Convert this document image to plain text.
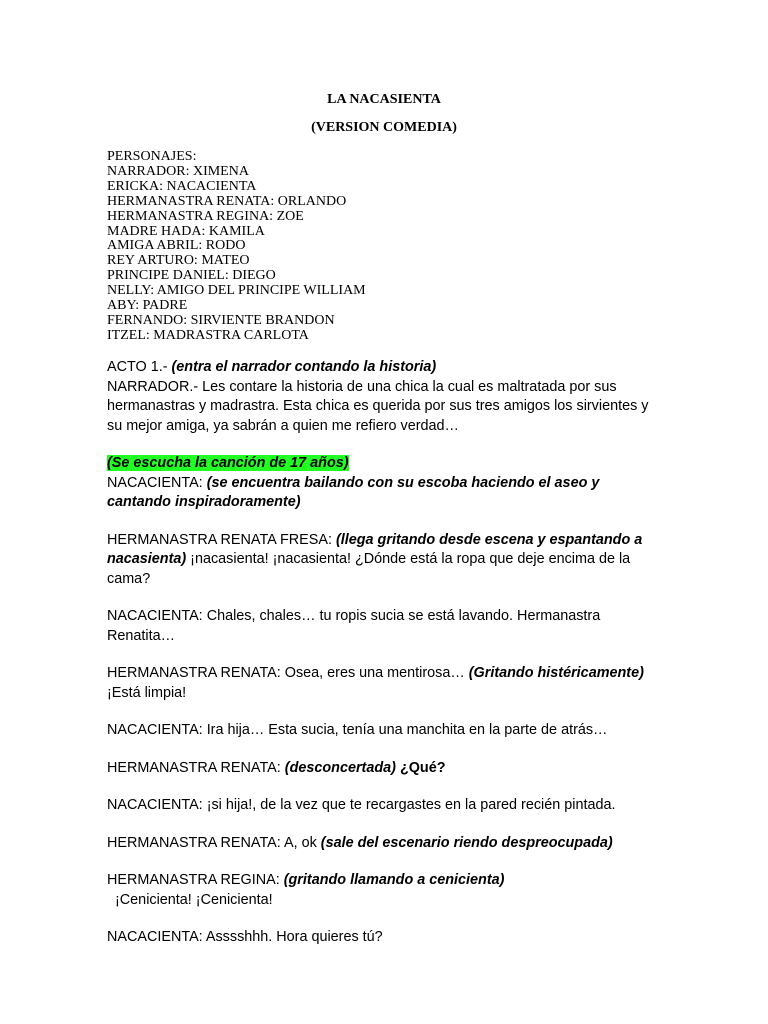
LA NACASIENTA
(VERSION COMEDIA)
PERSONAJES:
NARRADOR: XIMENA
ERICKA: NACACIENTA
HERMANASTRA RENATA: ORLANDO
HERMANASTRA REGINA: ZOE
MADRE HADA: KAMILA
AMIGA ABRIL: RODO
REY ARTURO: MATEO
PRINCIPE DANIEL: DIEGO
NELLY: AMIGO DEL PRINCIPE WILLIAM
ABY: PADRE
FERNANDO: SIRVIENTE BRANDON
ITZEL: MADRASTRA CARLOTA
ACTO 1.- (entra el narrador contando la historia)
NARRADOR.- Les contare la historia de una chica la cual es maltratada por sus hermanastras y madrastra. Esta chica es querida por sus tres amigos los sirvientes y su mejor amiga, ya sabrán a quien me refiero verdad…
(Se escucha la canción de 17 años)
NACACIENTA: (se encuentra bailando con su escoba haciendo el aseo y cantando inspiradoramente)
HERMANASTRA RENATA FRESA: (llega gritando desde escena y espantando a nacasienta) ¡nacasienta! ¡nacasienta! ¿Dónde está la ropa que deje encima de la cama?
NACACIENTA: Chales, chales… tu ropis sucia se está lavando. Hermanastra Renatita…
HERMANASTRA RENATA: Osea, eres una mentirosa… (Gritando histéricamente) ¡Está limpia!
NACACIENTA: Ira hija… Esta sucia, tenía una manchita en la parte de atrás…
HERMANASTRA RENATA: (desconcertada) ¿Qué?
NACACIENTA: ¡si hija!, de la vez que te recargastes en la pared recién pintada.
HERMANASTRA RENATA: A, ok (sale del escenario riendo despreocupada)
HERMANASTRA REGINA: (gritando llamando a cenicienta)  ¡Cenicienta! ¡Cenicienta!
NACACIENTA: Asssshhh. Hora quieres tú?
